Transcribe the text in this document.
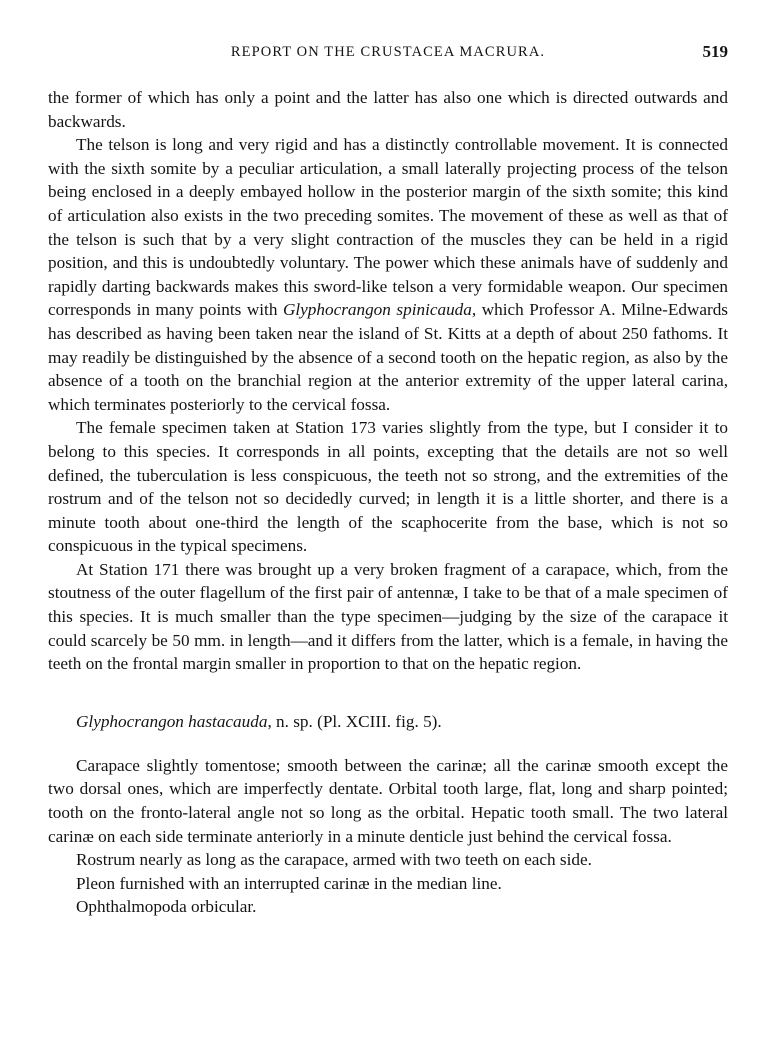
REPORT ON THE CRUSTACEA MACRURA.	519

the former of which has only a point and the latter has also one which is directed outwards and backwards.

The telson is long and very rigid and has a distinctly controllable movement. It is connected with the sixth somite by a peculiar articulation, a small laterally projecting process of the telson being enclosed in a deeply embayed hollow in the posterior margin of the sixth somite; this kind of articulation also exists in the two preceding somites. The movement of these as well as that of the telson is such that by a very slight contraction of the muscles they can be held in a rigid position, and this is undoubtedly voluntary. The power which these animals have of suddenly and rapidly darting backwards makes this sword-like telson a very formidable weapon. Our specimen corresponds in many points with Glyphocrangon spinicauda, which Professor A. Milne-Edwards has described as having been taken near the island of St. Kitts at a depth of about 250 fathoms. It may readily be distinguished by the absence of a second tooth on the hepatic region, as also by the absence of a tooth on the branchial region at the anterior extremity of the upper lateral carina, which terminates posteriorly to the cervical fossa.

The female specimen taken at Station 173 varies slightly from the type, but I consider it to belong to this species. It corresponds in all points, excepting that the details are not so well defined, the tuberculation is less conspicuous, the teeth not so strong, and the extremities of the rostrum and of the telson not so decidedly curved; in length it is a little shorter, and there is a minute tooth about one-third the length of the scaphocerite from the base, which is not so conspicuous in the typical specimens.

At Station 171 there was brought up a very broken fragment of a carapace, which, from the stoutness of the outer flagellum of the first pair of antennæ, I take to be that of a male specimen of this species. It is much smaller than the type specimen—judging by the size of the carapace it could scarcely be 50 mm. in length—and it differs from the latter, which is a female, in having the teeth on the frontal margin smaller in proportion to that on the hepatic region.

Glyphocrangon hastacauda, n. sp. (Pl. XCIII. fig. 5).

Carapace slightly tomentose; smooth between the carinæ; all the carinæ smooth except the two dorsal ones, which are imperfectly dentate. Orbital tooth large, flat, long and sharp pointed; tooth on the fronto-lateral angle not so long as the orbital. Hepatic tooth small. The two lateral carinæ on each side terminate anteriorly in a minute denticle just behind the cervical fossa.

Rostrum nearly as long as the carapace, armed with two teeth on each side.

Pleon furnished with an interrupted carinæ in the median line.

Ophthalmopoda orbicular.
